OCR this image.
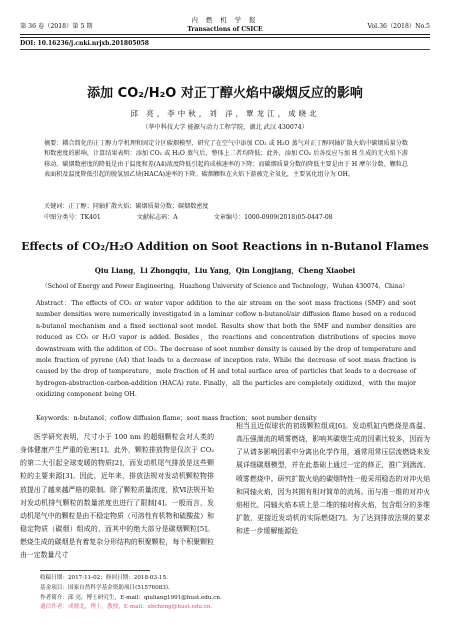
第 36 卷（2018）第 5 期
内 燃 机 学 报
Transactions of CSICE	Vol.36（2018）No.5
DOI: 10.16236/j.cnki.nrjxb.201805058
添加 CO₂/H₂O 对正丁醇火焰中碳烟反应的影响
邱 亮，李中秋，刘 洋，覃龙江，成晓北
（华中科技大学 能源与动力工程学院，湖北 武汉 430074）
摘要：耦合简化的正丁醇力学机理和固定分区碳烟模型，研究了在空气中添加 CO₂ 或 H₂O 蒸气对正丁醇同轴扩散火焰中碳烟质量分数和数密度的影响，计算结果表明：添加 CO₂ 或 H₂O 蒸气后，整体上二者均降低；此外，添加 CO₂ 后各反应与加 H 生成的无火焰下游移动。碳烟数密度的降低是由于温度和差(A4)浓度降低引起的成核速率的下降；而碳烟质量分数的降低主要是由于 H 摩尔分数、颗粒总表面积及温度降低引起的脱氢加乙炔(HACA)速率的下降。碳烟颗粒在火焰下游被完全氧化，主要氧化组分为 OH。
关键词：正丁醇；同轴扩散火焰；碳烟质量分数；碳烟数密度
中图分类号：TK401	文献标志码：A	文章编号：1000-0909(2018)05-0447-08
Effects of CO₂/H₂O Addition on Soot Reactions in n-Butanol Flames
Qiu Liang，Li Zhongqiu，Liu Yang，Qin Longjiang，Cheng Xiaobei
（School of Energy and Power Engineering，Huazhong University of Science and Technology，Wuhan 430074，China）
Abstract：The effects of CO₂ or water vapor addition to the air stream on the soot mass fractions (SMF) and soot number densities were numerically investigated in a laminar coflow n-butanol/air diffusion flame based on a reduced n-butanol mechanism and a fixed sectional soot model. Results show that both the SMF and number densities are reduced as CO₂ or H₂O vapor is added. Besides，the reactions and concentration distributions of species move downstream with the addition of CO₂. The decrease of soot number density is caused by the drop of temperature and mole fraction of pyrene (A4) that leads to a decrease of inception rate. While the decrease of soot mass fraction is caused by the drop of temperature，mole fraction of H and total surface area of particles that leads to a decrease of hydrogen-abstraction-carbon-addition (HACA) rate. Finally，all the particles are completely oxidized，with the major oxidizing component being OH.
Keywords：n-butanol；coflow diffusion flame；soot mass fraction；soot number density
医学研究表明，尺寸小于 100 nm 的超细颗粒会对人类的身体健康产生严重的危害[1]。此外，颗粒排放物是仅次于 CO₂ 的第二大引起全球变暖的物质[2]，而发动机尾气排放是这些颗粒的主要来源[3]。因此，近年来，排放法规对发动机颗粒物排放提出了越来越严格的限制。除了颗粒质量浓度，欧Ⅵ法规开始对发动机排气颗粒的数量浓度也进行了限制[4]。一般而言，发动机尾气中的颗粒是由不稳定物质（可溶性有机物和硫酸盐）和稳定物质（碳烟）组成的，而其中的绝大部分是碳烟颗粒[5]。燃烧生成的碳烟是有着复杂分形结构的积聚颗粒，每个积聚颗粒由一定数量尺寸
相当且近似球状的初级颗粒组成[6]。发动机缸内燃烧是高温、高压强湍流的喷雾燃烧，影响其碳烟生成的因素比较多，因而为了从请多影响因素中分离出化学作用，通常用常压层流燃烧来发展详细碳烟模型，并在此基础上通过一定的修正，推广到湍流、喷雾燃烧中。研究扩散火焰的碳烟特性一般采用稳态的对冲火焰和同轴火焰，因为其拥有相对简单的流场。而与准一维的对冲火焰相比，同轴火焰本质上是二维的轴对称火焰，包含组分的多维扩散，更接近发动机的实际燃烧[7]。为了达到排放法规的要求和进一步缓解能源危
收稿日期：2017-11-02；修回日期：2018-03-15.
基金项目：国家自然科学基金资助项目(51576083).
作者简介：邱 亮，博士研究生，E-mail：qiuliang1991@hust.edu.cn.
通信作者：成晓北，博士，教授，E-mail：xbcheng@hust.edu.cn.
